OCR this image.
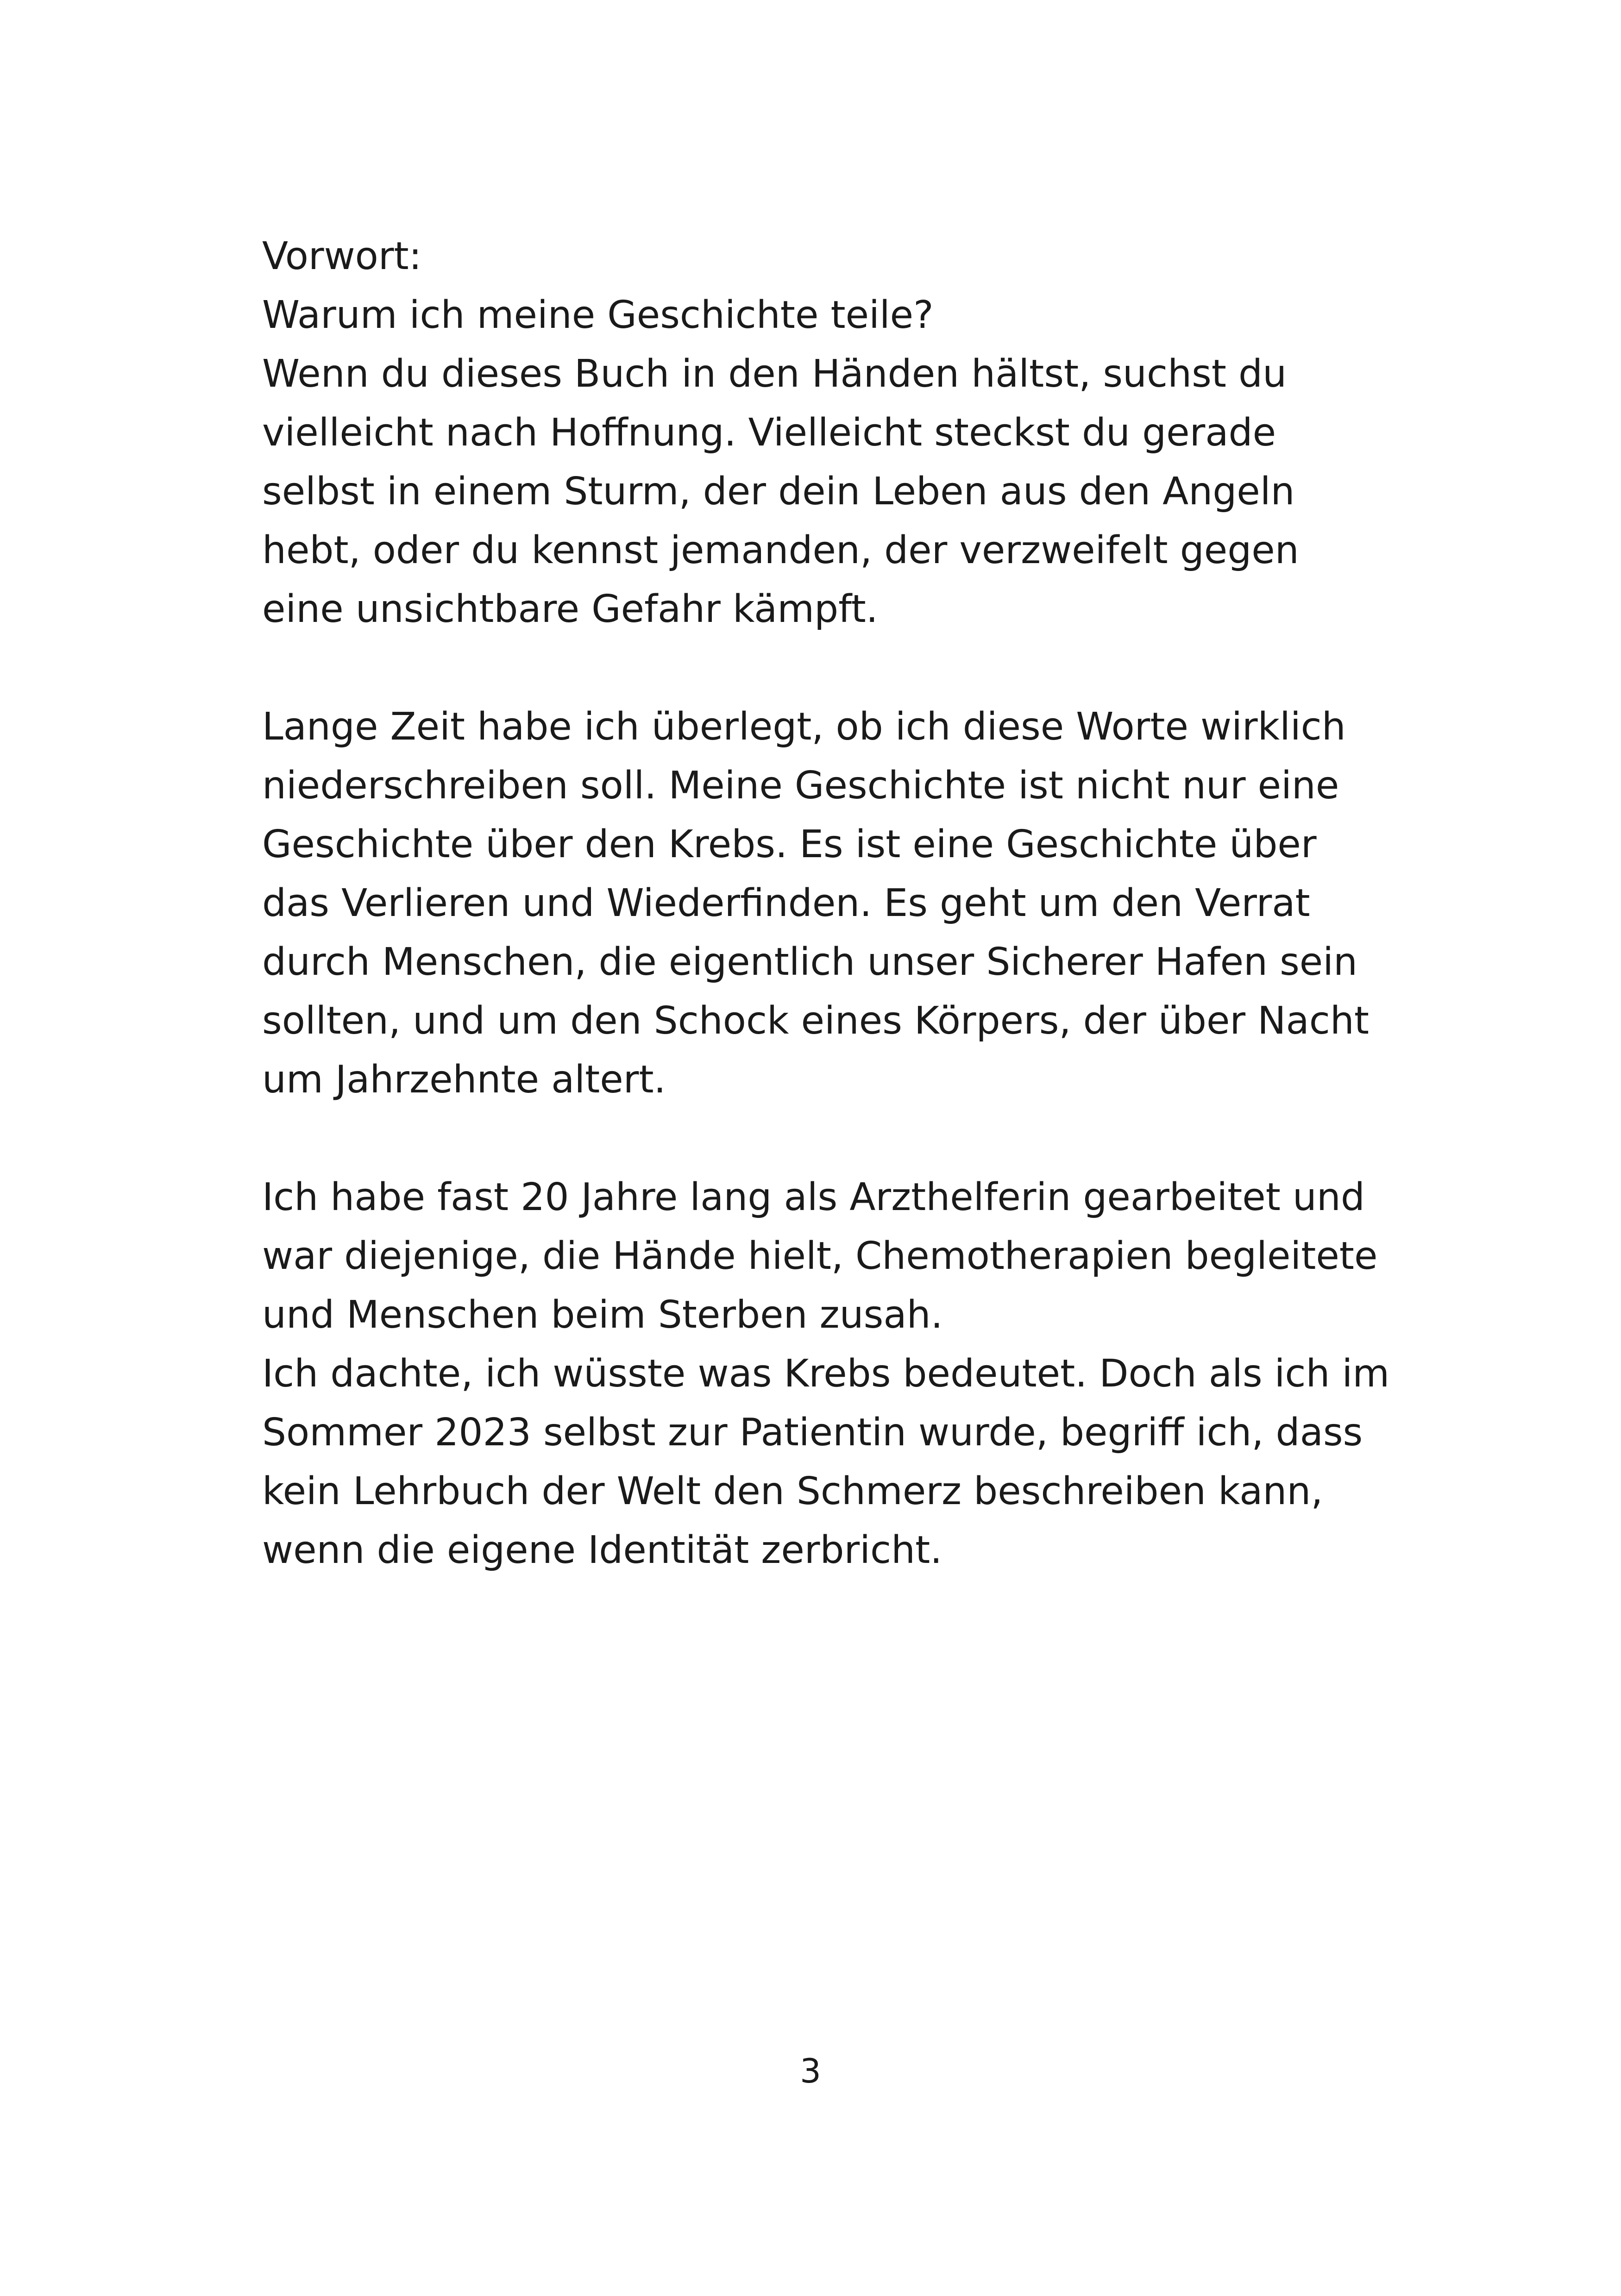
Vorwort:
Warum ich meine Geschichte teile?
Wenn du dieses Buch in den Händen hältst, suchst du
vielleicht nach Hoffnung. Vielleicht steckst du gerade
selbst in einem Sturm, der dein Leben aus den Angeln
hebt, oder du kennst jemanden, der verzweifelt gegen
eine unsichtbare Gefahr kämpft.
Lange Zeit habe ich überlegt, ob ich diese Worte wirklich
niederschreiben soll. Meine Geschichte ist nicht nur eine
Geschichte über den Krebs. Es ist eine Geschichte über
das Verlieren und Wiederfinden. Es geht um den Verrat
durch Menschen, die eigentlich unser Sicherer Hafen sein
sollten, und um den Schock eines Körpers, der über Nacht
um Jahrzehnte altert.
Ich habe fast 20 Jahre lang als Arzthelferin gearbeitet und
war diejenige, die Hände hielt, Chemotherapien begleitete
und Menschen beim Sterben zusah.
Ich dachte, ich wüsste was Krebs bedeutet. Doch als ich im
Sommer 2023 selbst zur Patientin wurde, begriff ich, dass
kein Lehrbuch der Welt den Schmerz beschreiben kann,
wenn die eigene Identität zerbricht.
3
